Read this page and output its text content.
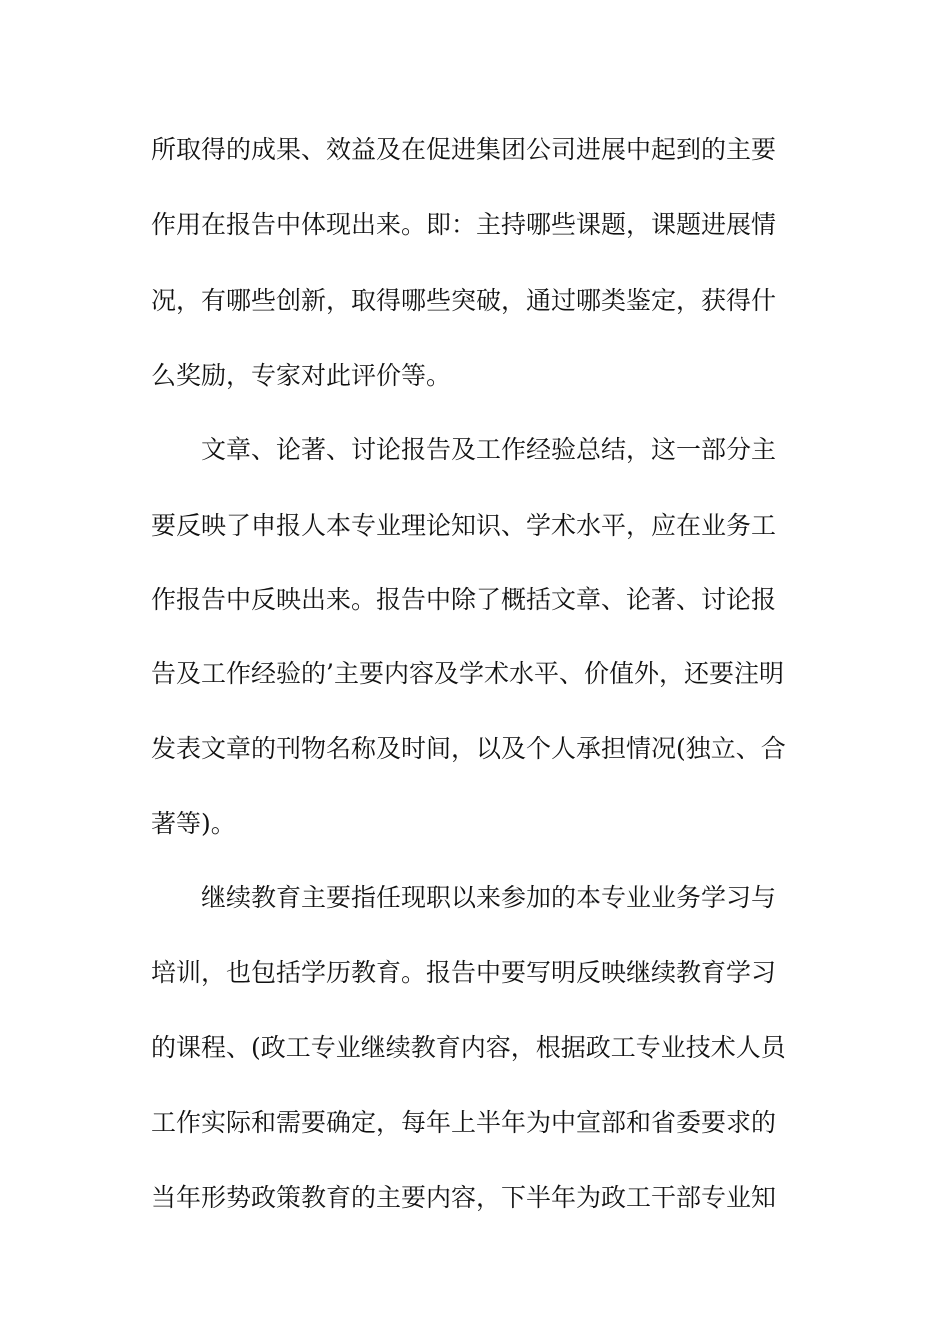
所取得的成果、效益及在促进集团公司进展中起到的主要
作用在报告中体现出来。即：主持哪些课题，课题进展情
况，有哪些创新，取得哪些突破，通过哪类鉴定，获得什
么奖励，专家对此评价等。
文章、论著、讨论报告及工作经验总结，这一部分主
要反映了申报人本专业理论知识、学术水平，应在业务工
作报告中反映出来。报告中除了概括文章、论著、讨论报
告及工作经验的’主要内容及学术水平、价值外，还要注明
发表文章的刊物名称及时间，以及个人承担情况(独立、合
著等)。
继续教育主要指任现职以来参加的本专业业务学习与
培训，也包括学历教育。报告中要写明反映继续教育学习
的课程、(政工专业继续教育内容，根据政工专业技术人员
工作实际和需要确定，每年上半年为中宣部和省委要求的
当年形势政策教育的主要内容，下半年为政工干部专业知
